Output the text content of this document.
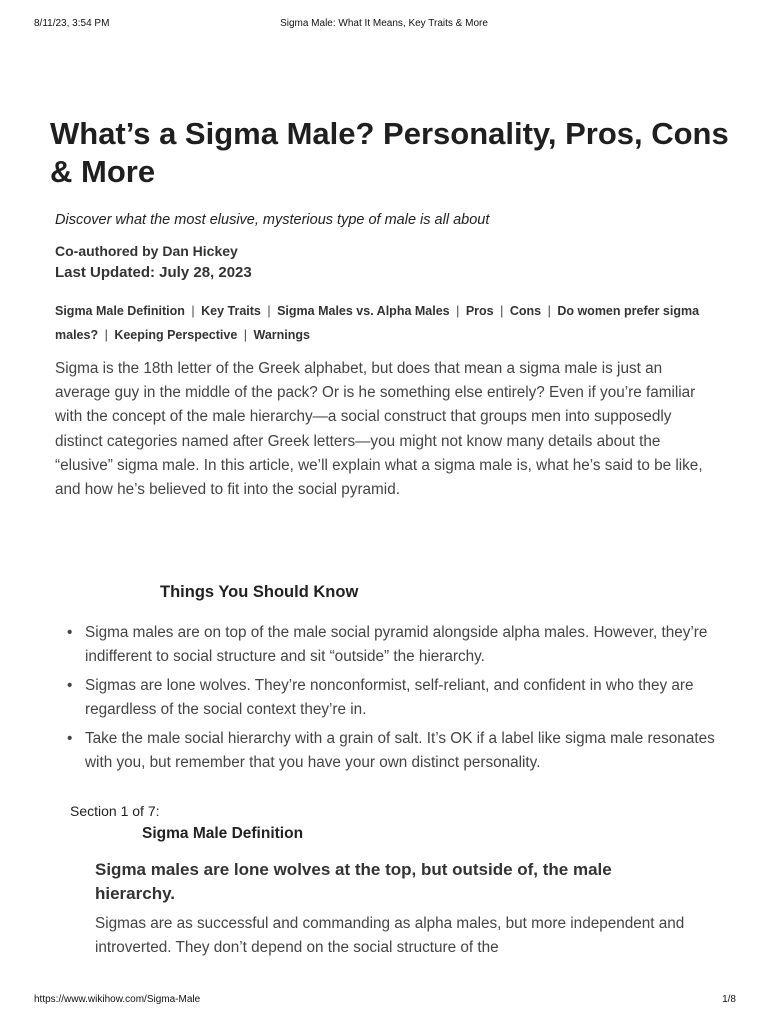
8/11/23, 3:54 PM	Sigma Male: What It Means, Key Traits & More
What’s a Sigma Male? Personality, Pros, Cons & More

Discover what the most elusive, mysterious type of male is all about

Co-authored by Dan Hickey

Last Updated: July 28, 2023

Sigma Male Definition | Key Traits | Sigma Males vs. Alpha Males | Pros | Cons | Do women prefer sigma males? | Keeping Perspective | Warnings

Sigma is the 18th letter of the Greek alphabet, but does that mean a sigma male is just an average guy in the middle of the pack? Or is he something else entirely? Even if you’re familiar with the concept of the male hierarchy—a social construct that groups men into supposedly distinct categories named after Greek letters—you might not know many details about the “elusive” sigma male. In this article, we’ll explain what a sigma male is, what he’s said to be like, and how he’s believed to fit into the social pyramid.

Things You Should Know
• Sigma males are on top of the male social pyramid alongside alpha males. However, they’re indifferent to social structure and sit “outside” the hierarchy.
• Sigmas are lone wolves. They’re nonconformist, self-reliant, and confident in who they are regardless of the social context they’re in.
• Take the male social hierarchy with a grain of salt. It’s OK if a label like sigma male resonates with you, but remember that you have your own distinct personality.

Section 1 of 7:

Sigma Male Definition
Sigma males are lone wolves at the top, but outside of, the male hierarchy.

Sigmas are as successful and commanding as alpha males, but more independent and introverted. They don’t depend on the social structure of the

https://www.wikihow.com/Sigma-Male	1/8
